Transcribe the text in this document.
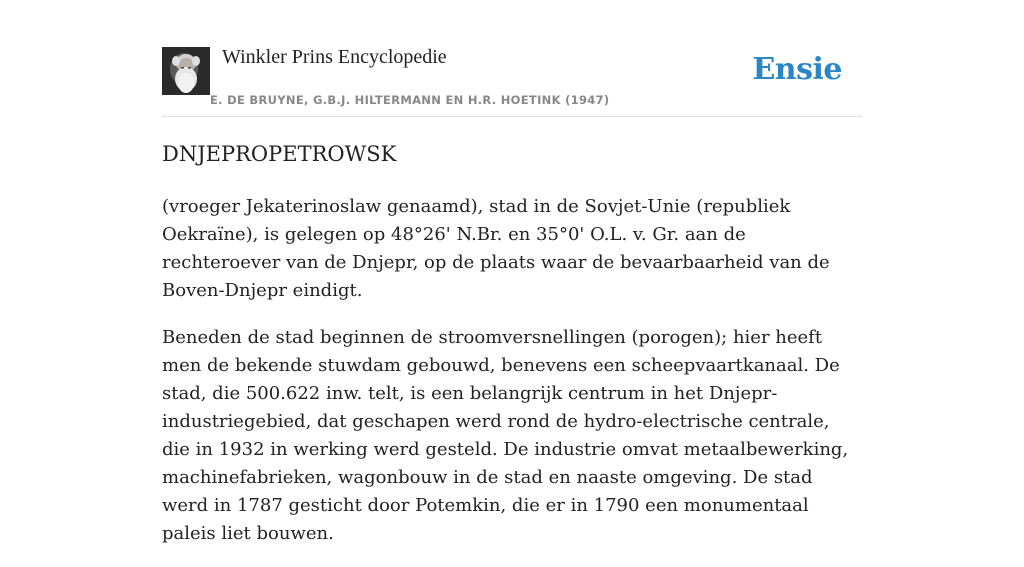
Winkler Prins Encyclopedie
E. DE BRUYNE, G.B.J. HILTERMANN EN H.R. HOETINK (1947)
Ensie
DNJEPROPETROWSK

(vroeger Jekaterinoslaw genaamd), stad in de Sovjet-Unie (republiek Oekraïne), is gelegen op 48°26' N.Br. en 35°0' O.L. v. Gr. aan de rechteroever van de Dnjepr, op de plaats waar de bevaarbaarheid van de Boven-Dnjepr eindigt.

Beneden de stad beginnen de stroomversnellingen (porogen); hier heeft men de bekende stuwdam gebouwd, benevens een scheepvaartkanaal. De stad, die 500.622 inw. telt, is een belangrijk centrum in het Dnjepr-industriegebied, dat geschapen werd rond de hydro-electrische centrale, die in 1932 in werking werd gesteld. De industrie omvat metaalbewerking, machinefabrieken, wagonbouw in de stad en naaste omgeving. De stad werd in 1787 gesticht door Potemkin, die er in 1790 een monumentaal paleis liet bouwen.
